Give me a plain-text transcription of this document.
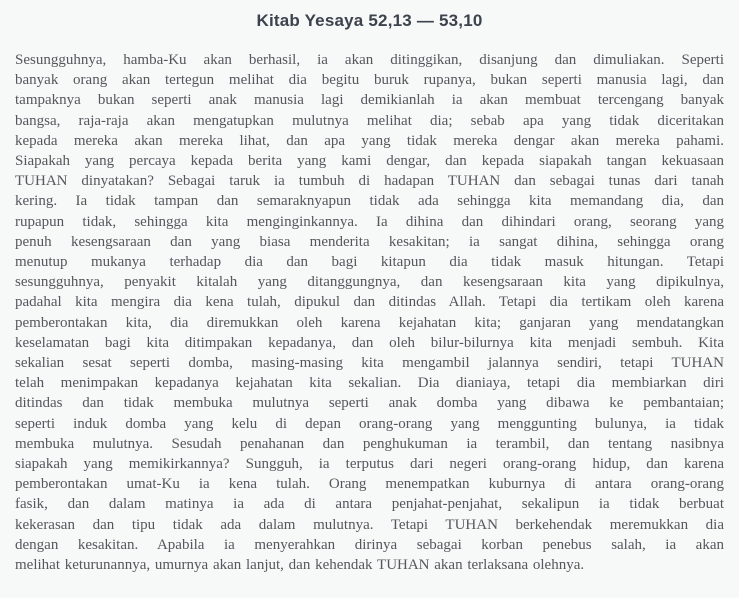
Kitab Yesaya 52,13 — 53,10
Sesungguhnya, hamba-Ku akan berhasil, ia akan ditinggikan, disanjung dan dimuliakan. Seperti
banyak orang akan tertegun melihat dia begitu buruk rupanya, bukan seperti manusia lagi, dan
tampaknya bukan seperti anak manusia lagi demikianlah ia akan membuat tercengang banyak
bangsa, raja-raja akan mengatupkan mulutnya melihat dia; sebab apa yang tidak diceritakan
kepada mereka akan mereka lihat, dan apa yang tidak mereka dengar akan mereka pahami.
Siapakah yang percaya kepada berita yang kami dengar, dan kepada siapakah tangan kekuasaan
TUHAN dinyatakan? Sebagai taruk ia tumbuh di hadapan TUHAN dan sebagai tunas dari tanah
kering. Ia tidak tampan dan semaraknyapun tidak ada sehingga kita memandang dia, dan
rupapun tidak, sehingga kita menginginkannya. Ia dihina dan dihindari orang, seorang yang
penuh kesengsaraan dan yang biasa menderita kesakitan; ia sangat dihina, sehingga orang
menutup mukanya terhadap dia dan bagi kitapun dia tidak masuk hitungan. Tetapi
sesungguhnya, penyakit kitalah yang ditanggungnya, dan kesengsaraan kita yang dipikulnya,
padahal kita mengira dia kena tulah, dipukul dan ditindas Allah. Tetapi dia tertikam oleh karena
pemberontakan kita, dia diremukkan oleh karena kejahatan kita; ganjaran yang mendatangkan
keselamatan bagi kita ditimpakan kepadanya, dan oleh bilur-bilurnya kita menjadi sembuh. Kita
sekalian sesat seperti domba, masing-masing kita mengambil jalannya sendiri, tetapi TUHAN
telah menimpakan kepadanya kejahatan kita sekalian. Dia dianiaya, tetapi dia membiarkan diri
ditindas dan tidak membuka mulutnya seperti anak domba yang dibawa ke pembantaian;
seperti induk domba yang kelu di depan orang-orang yang menggunting bulunya, ia tidak
membuka mulutnya. Sesudah penahanan dan penghukuman ia terambil, dan tentang nasibnya
siapakah yang memikirkannya? Sungguh, ia terputus dari negeri orang-orang hidup, dan karena
pemberontakan umat-Ku ia kena tulah. Orang menempatkan kuburnya di antara orang-orang
fasik, dan dalam matinya ia ada di antara penjahat-penjahat, sekalipun ia tidak berbuat
kekerasan dan tipu tidak ada dalam mulutnya. Tetapi TUHAN berkehendak meremukkan dia
dengan kesakitan. Apabila ia menyerahkan dirinya sebagai korban penebus salah, ia akan
melihat keturunannya, umurnya akan lanjut, dan kehendak TUHAN akan terlaksana olehnya.
